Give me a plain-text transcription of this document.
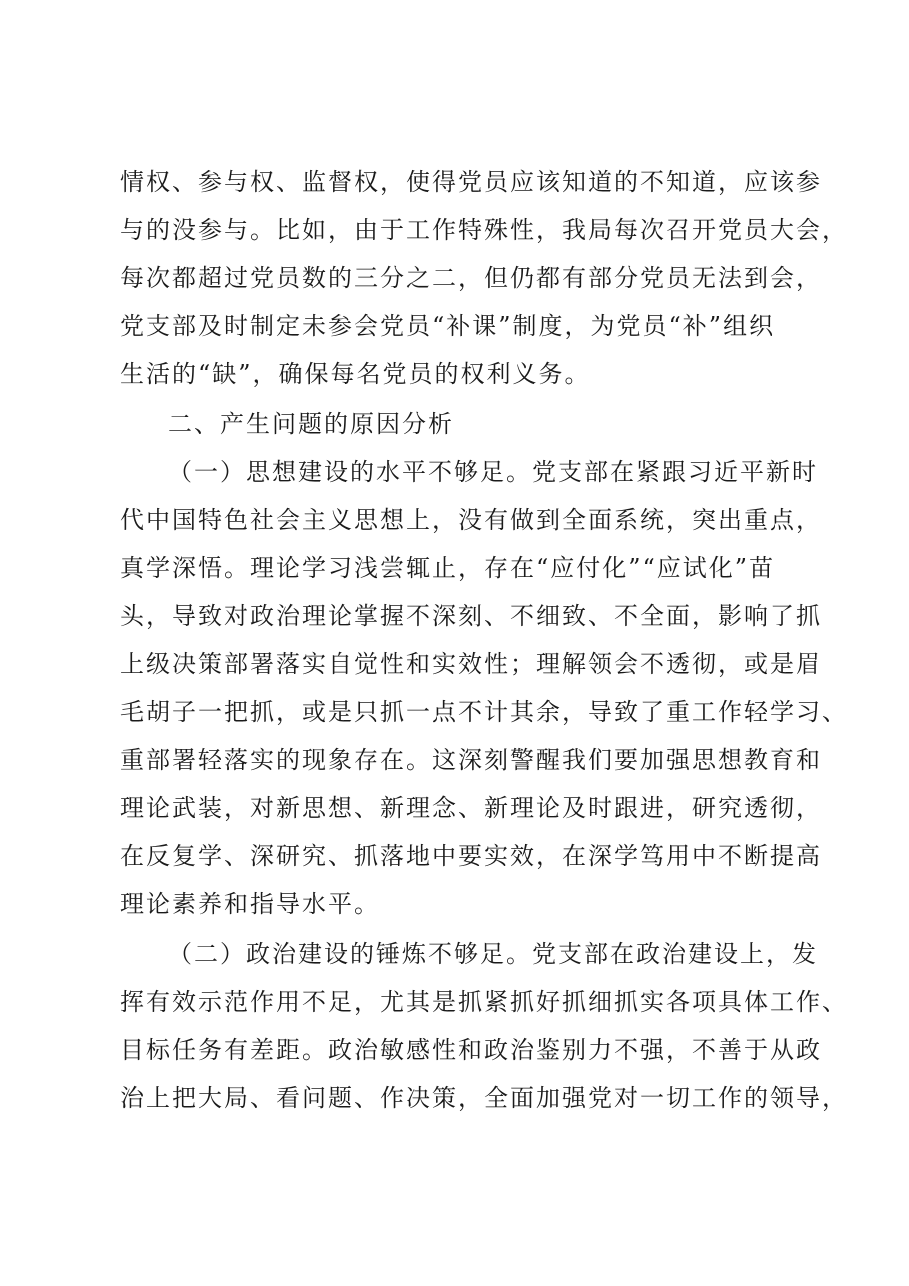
情权、参与权、监督权，使得党员应该知道的不知道，应该参
与的没参与。比如，由于工作特殊性，我局每次召开党员大会，
每次都超过党员数的三分之二，但仍都有部分党员无法到会，
党支部及时制定未参会党员“补课”制度，为党员“补”组织
生活的“缺”，确保每名党员的权利义务。
二、产生问题的原因分析
（一）思想建设的水平不够足。党支部在紧跟习近平新时
代中国特色社会主义思想上，没有做到全面系统，突出重点，
真学深悟。理论学习浅尝辄止，存在“应付化”“应试化”苗
头，导致对政治理论掌握不深刻、不细致、不全面，影响了抓
上级决策部署落实自觉性和实效性；理解领会不透彻，或是眉
毛胡子一把抓，或是只抓一点不计其余，导致了重工作轻学习、
重部署轻落实的现象存在。这深刻警醒我们要加强思想教育和
理论武装，对新思想、新理念、新理论及时跟进，研究透彻，
在反复学、深研究、抓落地中要实效，在深学笃用中不断提高
理论素养和指导水平。
（二）政治建设的锤炼不够足。党支部在政治建设上，发
挥有效示范作用不足，尤其是抓紧抓好抓细抓实各项具体工作、
目标任务有差距。政治敏感性和政治鉴别力不强，不善于从政
治上把大局、看问题、作决策，全面加强党对一切工作的领导，
